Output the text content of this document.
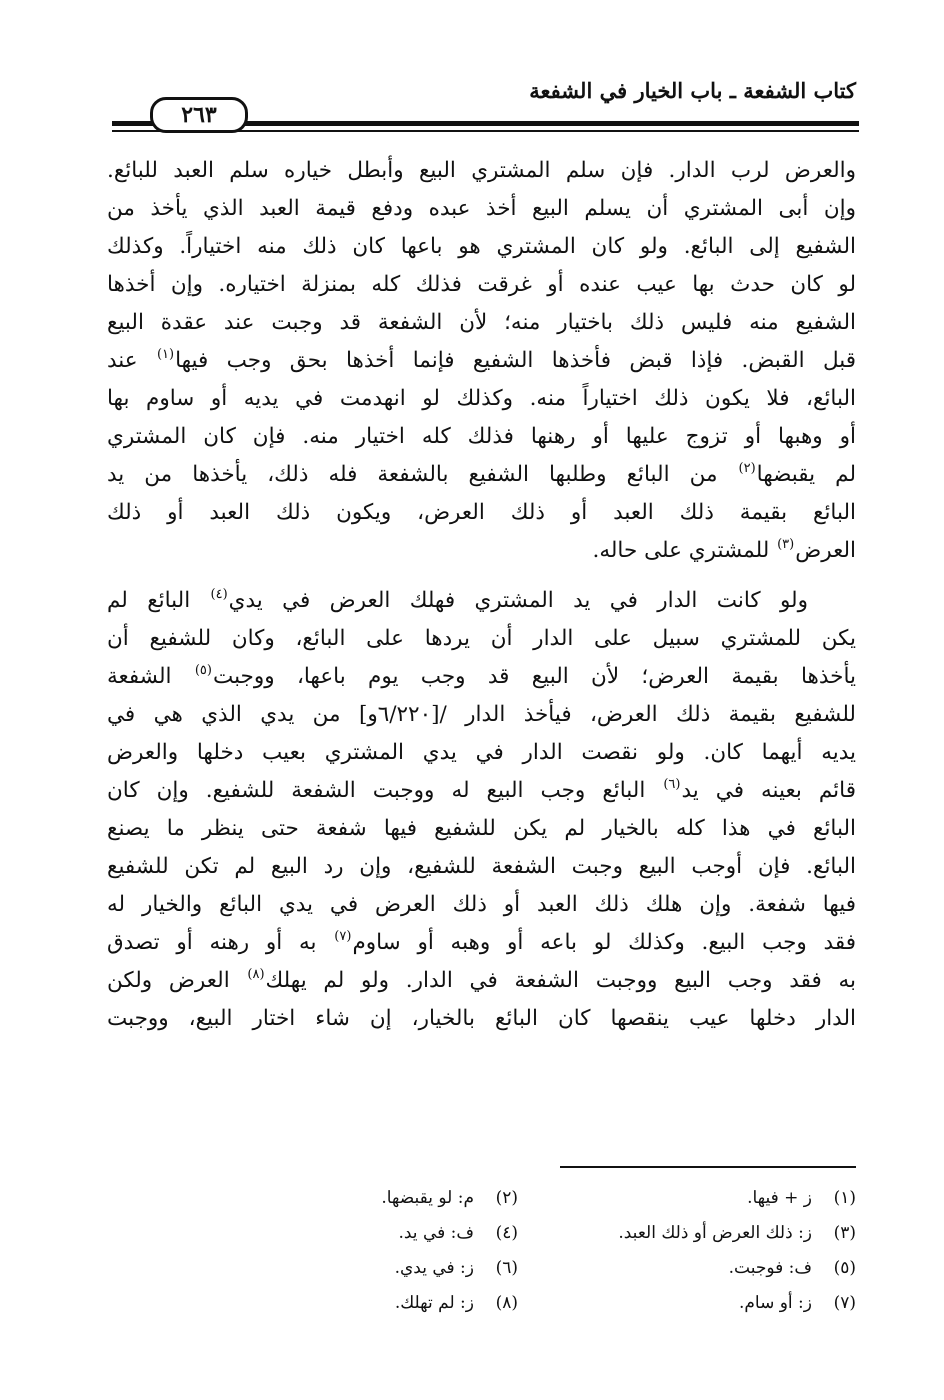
كتاب الشفعة ـ باب الخيار في الشفعة
٢٦٣

والعرض لرب الدار. فإن سلم المشتري البيع وأبطل خياره سلم العبد للبائع.

وإن أبى المشتري أن يسلم البيع أخذ عبده ودفع قيمة العبد الذي يأخذ من

الشفيع إلى البائع. ولو كان المشتري هو باعها كان ذلك منه اختياراً. وكذلك

لو كان حدث بها عيب عنده أو غرقت فذلك كله بمنزلة اختياره. وإن أخذها

الشفيع منه فليس ذلك باختيار منه؛ لأن الشفعة قد وجبت عند عقدة البيع

قبل القبض. فإذا قبض فأخذها الشفيع فإنما أخذها بحق وجب فيها$^{(١)}$ عند

البائع، فلا يكون ذلك اختياراً منه. وكذلك لو انهدمت في يديه أو ساوم بها

أو وهبها أو تزوج عليها أو رهنها فذلك كله اختيار منه. فإن كان المشتري

لم يقبضها$^{(٢)}$ من البائع وطلبها الشفيع بالشفعة فله ذلك، يأخذها من يد

البائع بقيمة ذلك العبد أو ذلك العرض، ويكون ذلك العبد أو ذلك

العرض$^{(٣)}$ للمشتري على حاله.

ولو كانت الدار في يد المشتري فهلك العرض في يدي$^{(٤)}$ البائع لم

يكن للمشتري سبيل على الدار أن يردها على البائع، وكان للشفيع أن

يأخذها بقيمة العرض؛ لأن البيع قد وجب يوم باعها، ووجبت$^{(٥)}$ الشفعة

للشفيع بقيمة ذلك العرض، فيأخذ الدار /[٦/٢٢٠و] من يدي الذي هي في

يديه أيهما كان. ولو نقصت الدار في يدي المشتري بعيب دخلها والعرض

قائم بعينه في يد$^{(٦)}$ البائع وجب البيع له ووجبت الشفعة للشفيع. وإن كان

البائع في هذا كله بالخيار لم يكن للشفيع فيها شفعة حتى ينظر ما يصنع

البائع. فإن أوجب البيع وجبت الشفعة للشفيع، وإن رد البيع لم تكن للشفيع

فيها شفعة. وإن هلك ذلك العبد أو ذلك العرض في يدي البائع والخيار له

فقد وجب البيع. وكذلك لو باعه أو وهبه أو ساوم$^{(٧)}$ به أو رهنه أو تصدق

به فقد وجب البيع ووجبت الشفعة في الدار. ولو لم يهلك$^{(٨)}$ العرض ولكن

الدار دخلها عيب ينقصها كان البائع بالخيار، إن شاء اختار البيع، ووجبت

(١)
ز + فيها.
(٢)
م: لو يقبضها.
(٣)
ز: ذلك العرض أو ذلك العبد.
(٤)
ف: في يد.
(٥)
ف: فوجبت.
(٦)
ز: في يدي.
(٧)
ز: أو سام.
(٨)
ز: لم تهلك.
